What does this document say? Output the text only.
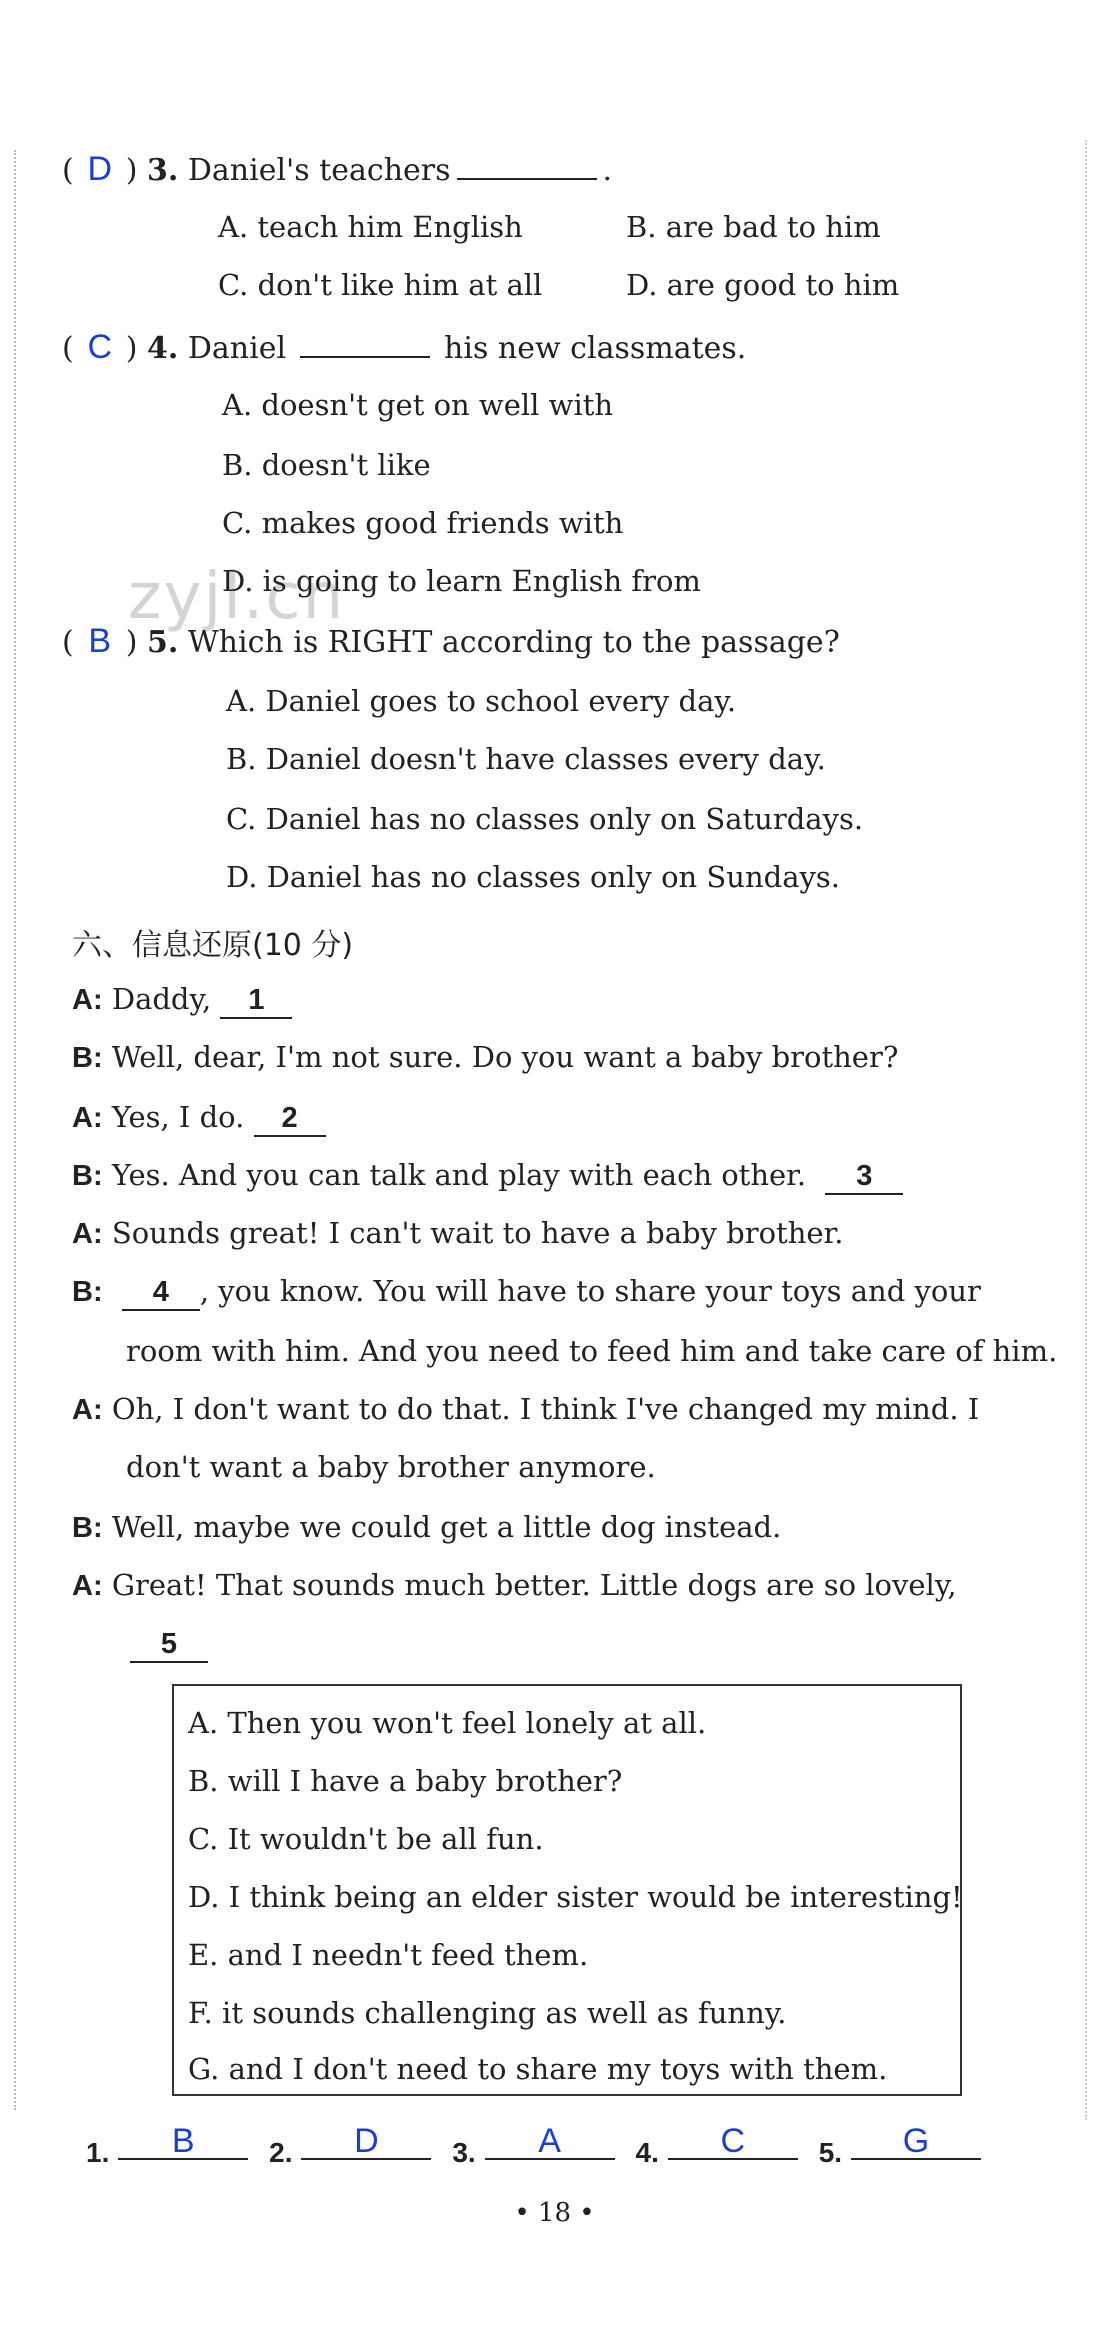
zyjl.cn
( D ) 3. Daniel's teachers	.
A. teach him English	B. are bad to him
C. don't like him at all	D. are good to him
( C ) 4. Daniel	his new classmates.
A. doesn't get on well with
B. doesn't like
C. makes good friends with
D. is going to learn English from
( B ) 5. Which is RIGHT according to the passage?
A. Daniel goes to school every day.
B. Daniel doesn't have classes every day.
C. Daniel has no classes only on Saturdays.
D. Daniel has no classes only on Sundays.
六、信息还原(10 分)
A: Daddy, 1
B: Well, dear, I'm not sure. Do you want a baby brother?
A: Yes, I do. 2
B: Yes. And you can talk and play with each other. 3
A: Sounds great! I can't wait to have a baby brother.
B: 4 , you know. You will have to share your toys and your
room with him. And you need to feed him and take care of him.
A: Oh, I don't want to do that. I think I've changed my mind. I
don't want a baby brother anymore.
B: Well, maybe we could get a little dog instead.
A: Great! That sounds much better. Little dogs are so lovely,
5
A. Then you won't feel lonely at all.
B. will I have a baby brother?
C. It wouldn't be all fun.
D. I think being an elder sister would be interesting!
E. and I needn't feed them.
F. it sounds challenging as well as funny.
G. and I don't need to share my toys with them.
1. B	2. D	3. A	4. C	5. G
• 18 •
